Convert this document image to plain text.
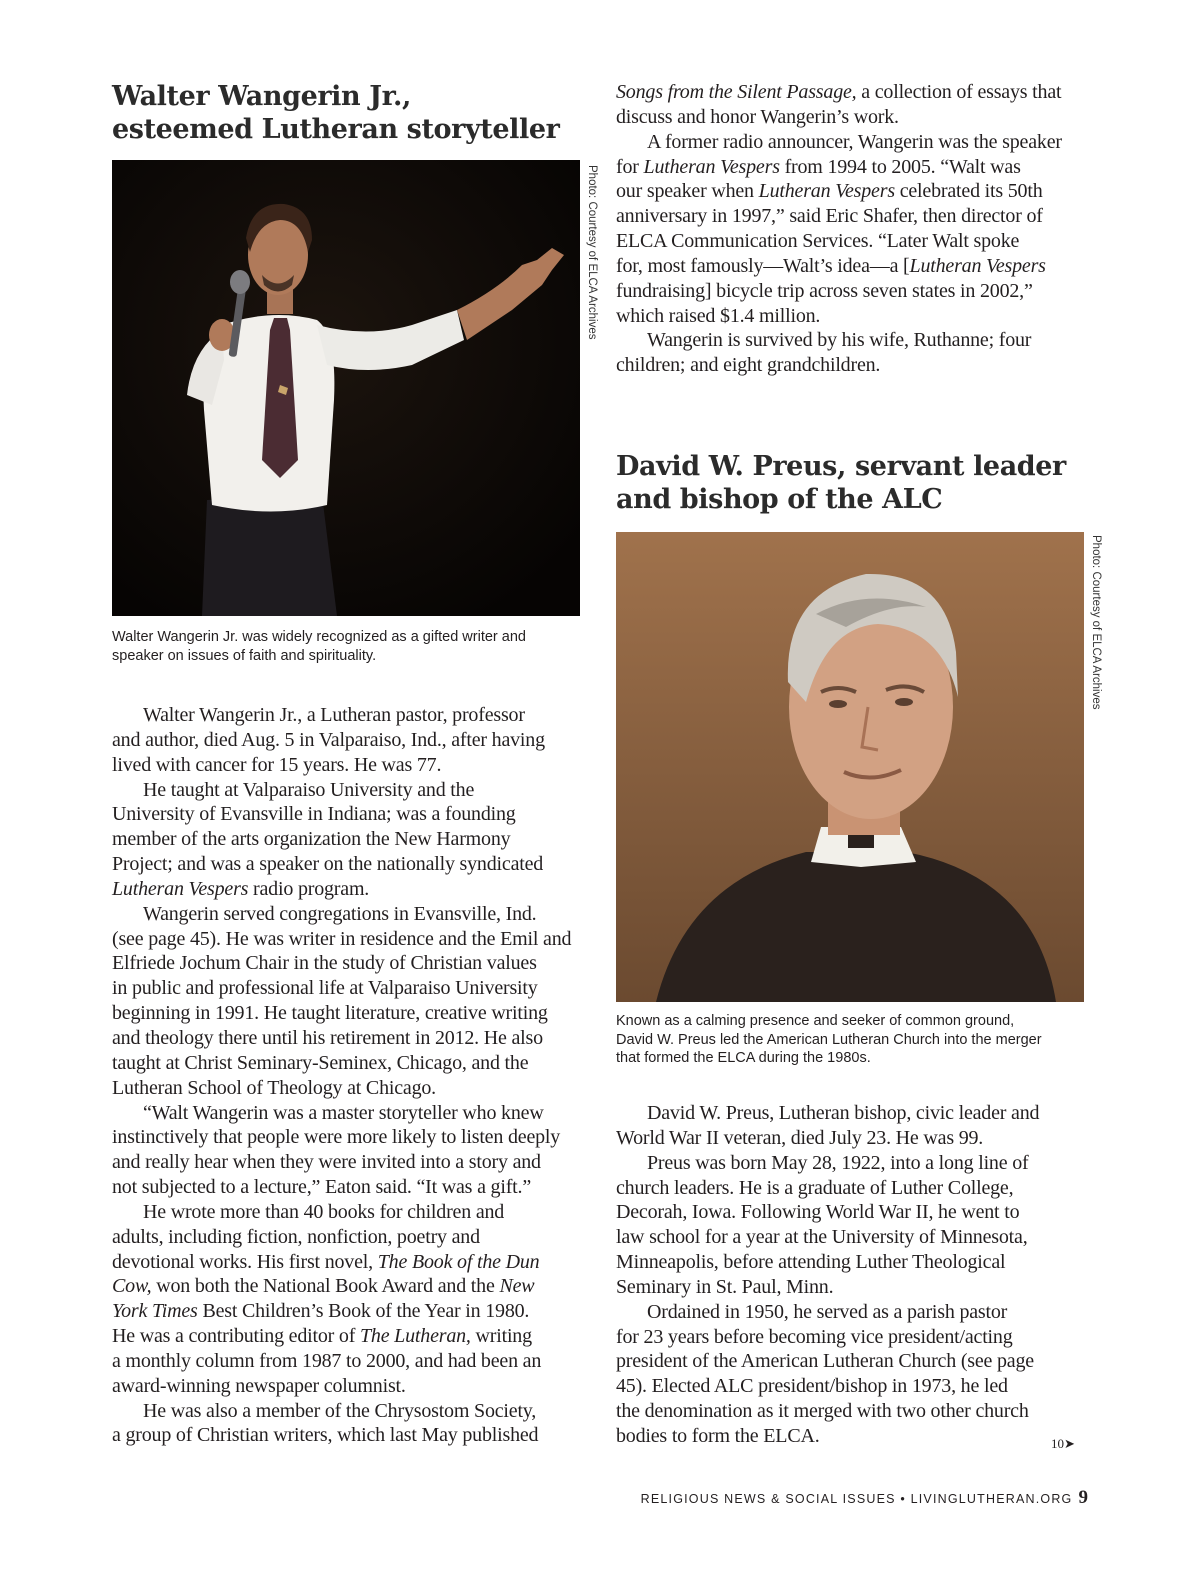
Walter Wangerin Jr.,
esteemed Lutheran storyteller
Photo: Courtesy of ELCA Archives
Walter Wangerin Jr. was widely recognized as a gifted writer and
speaker on issues of faith and spirituality.
Walter Wangerin Jr., a Lutheran pastor, professor
and author, died Aug. 5 in Valparaiso, Ind., after having
lived with cancer for 15 years. He was 77.
He taught at Valparaiso University and the
University of Evansville in Indiana; was a founding
member of the arts organization the New Harmony
Project; and was a speaker on the nationally syndicated
Lutheran Vespers radio program.
Wangerin served congregations in Evansville, Ind.
(see page 45). He was writer in residence and the Emil and
Elfriede Jochum Chair in the study of Christian values
in public and professional life at Valparaiso University
beginning in 1991. He taught literature, creative writing
and theology there until his retirement in 2012. He also
taught at Christ Seminary-Seminex, Chicago, and the
Lutheran School of Theology at Chicago.
“Walt Wangerin was a master storyteller who knew
instinctively that people were more likely to listen deeply
and really hear when they were invited into a story and
not subjected to a lecture,” Eaton said. “It was a gift.”
He wrote more than 40 books for children and
adults, including fiction, nonfiction, poetry and
devotional works. His first novel, The Book of the Dun
Cow, won both the National Book Award and the New
York Times Best Children’s Book of the Year in 1980.
He was a contributing editor of The Lutheran, writing
a monthly column from 1987 to 2000, and had been an
award-winning newspaper columnist.
He was also a member of the Chrysostom Society,
a group of Christian writers, which last May published
Songs from the Silent Passage, a collection of essays that
discuss and honor Wangerin’s work.
A former radio announcer, Wangerin was the speaker
for Lutheran Vespers from 1994 to 2005. “Walt was
our speaker when Lutheran Vespers celebrated its 50th
anniversary in 1997,” said Eric Shafer, then director of
ELCA Communication Services. “Later Walt spoke
for, most famously—Walt’s idea—a [Lutheran Vespers
fundraising] bicycle trip across seven states in 2002,”
which raised $1.4 million.
Wangerin is survived by his wife, Ruthanne; four
children; and eight grandchildren.
David W. Preus, servant leader
and bishop of the ALC
Photo: Courtesy of ELCA Archives
Known as a calming presence and seeker of common ground,
David W. Preus led the American Lutheran Church into the merger
that formed the ELCA during the 1980s.
David W. Preus, Lutheran bishop, civic leader and
World War II veteran, died July 23. He was 99.
Preus was born May 28, 1922, into a long line of
church leaders. He is a graduate of Luther College,
Decorah, Iowa. Following World War II, he went to
law school for a year at the University of Minnesota,
Minneapolis, before attending Luther Theological
Seminary in St. Paul, Minn.
Ordained in 1950, he served as a parish pastor
for 23 years before becoming vice president/acting
president of the American Lutheran Church (see page
45). Elected ALC president/bishop in 1973, he led
the denomination as it merged with two other church
bodies to form the ELCA.	10➤
RELIGIOUS NEWS & SOCIAL ISSUES • LIVINGLUTHERAN.ORG 9
